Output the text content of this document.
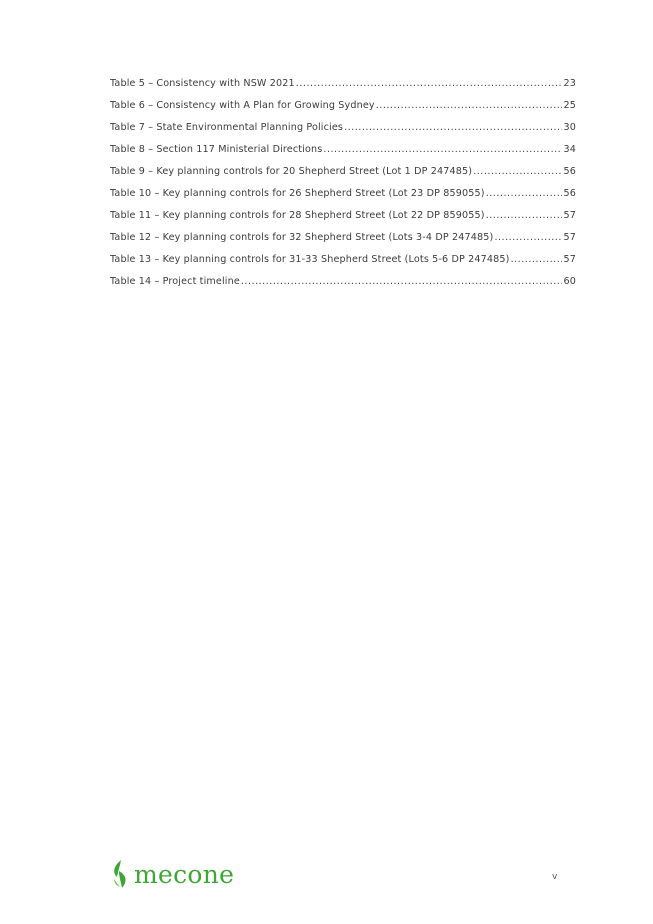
Table 5 – Consistency with NSW 2021 .....	23
Table 6 – Consistency with A Plan for Growing Sydney .....	25
Table 7 – State Environmental Planning Policies .....	30
Table 8 – Section 117 Ministerial Directions .....	34
Table 9 – Key planning controls for 20 Shepherd Street (Lot 1 DP 247485) .....	56
Table 10 – Key planning controls for 26 Shepherd Street (Lot 23 DP 859055) .....	56
Table 11 – Key planning controls for 28 Shepherd Street (Lot 22 DP 859055) .....	57
Table 12 – Key planning controls for 32 Shepherd Street (Lots 3-4 DP 247485) .....	57
Table 13 – Key planning controls for 31-33 Shepherd Street (Lots 5-6 DP 247485) .....	57
Table 14 – Project timeline .....	60
mecone	v
